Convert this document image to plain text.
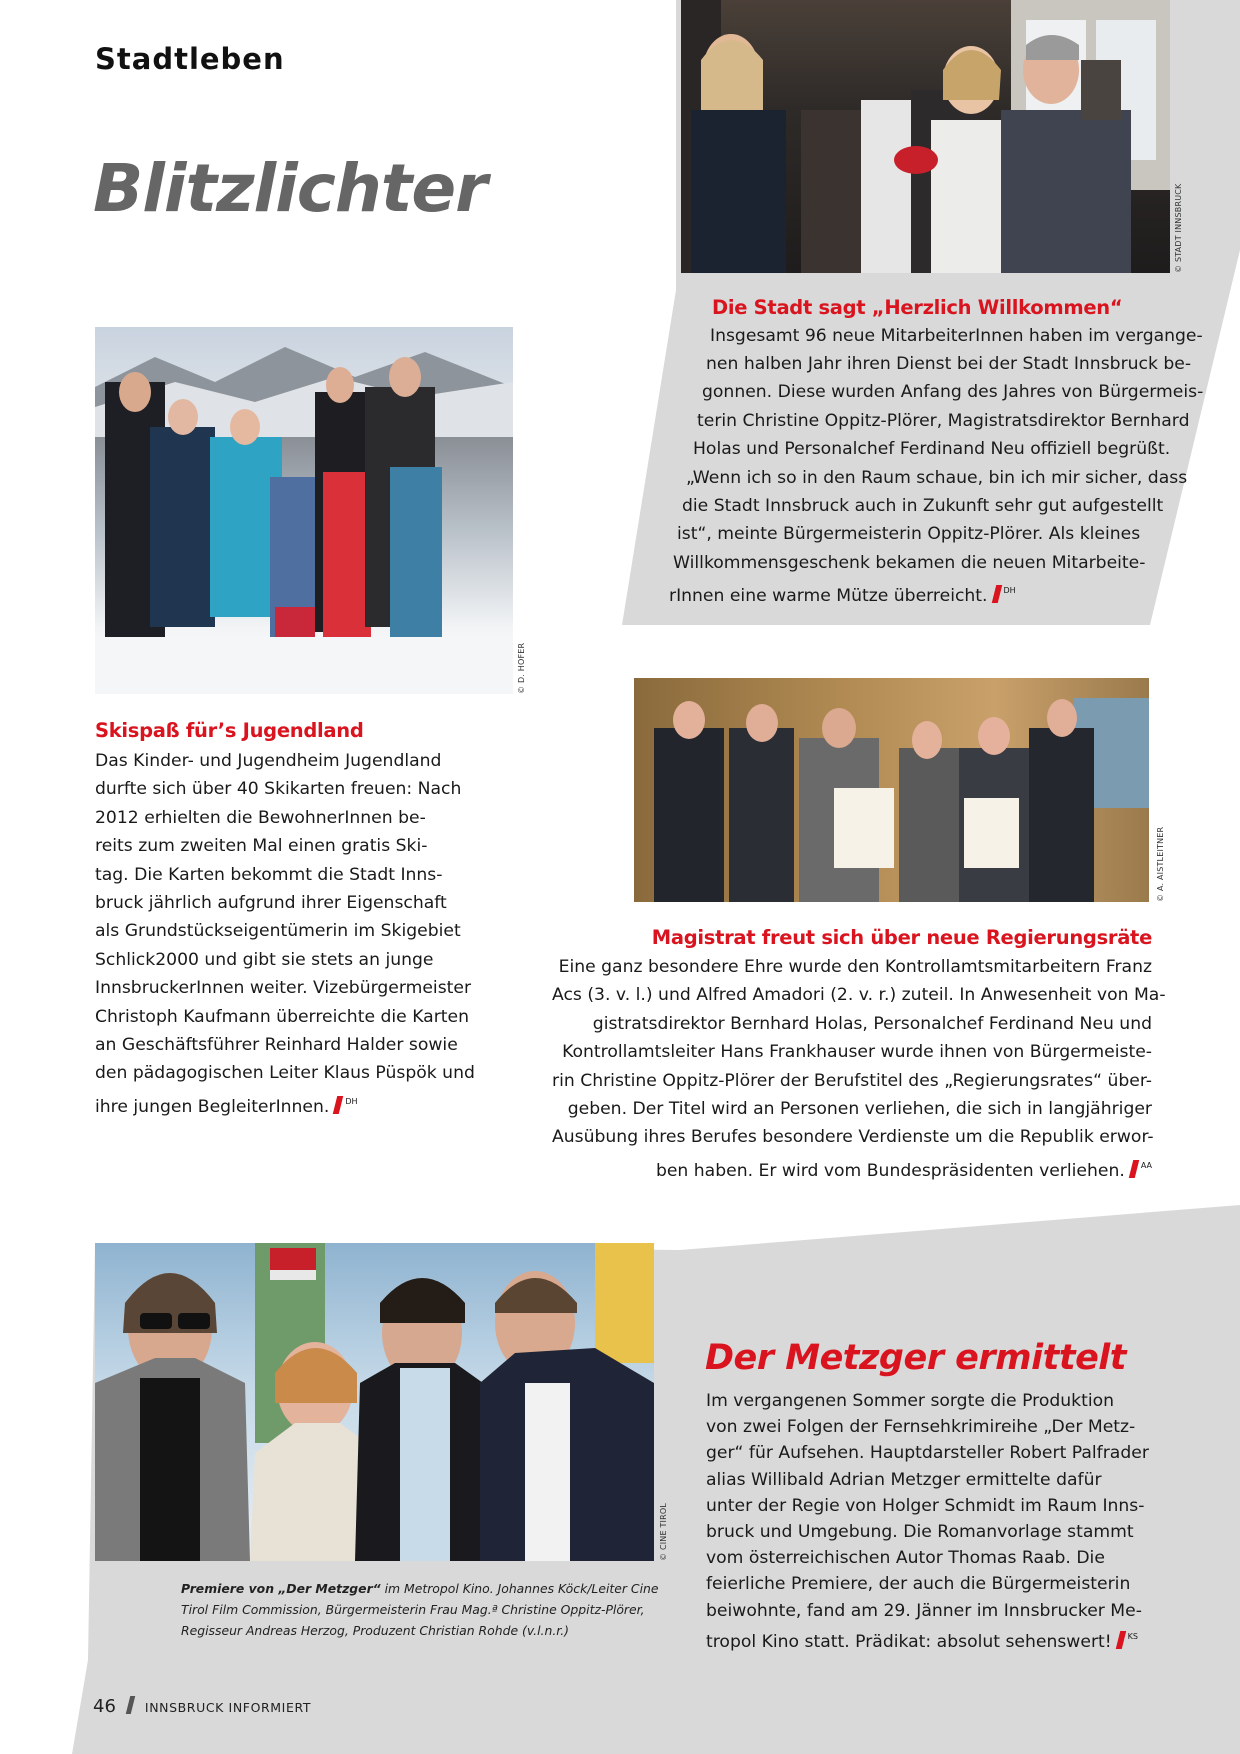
Stadtleben
Blitzlichter	© STADT INNSBRUCK
Die Stadt sagt „Herzlich Willkommen“
Insgesamt 96 neue MitarbeiterInnen haben im vergange-
nen halben Jahr ihren Dienst bei der Stadt Innsbruck be-
gonnen. Diese wurden Anfang des Jahres von Bürgermeis-
terin Christine Oppitz-Plörer, Magistratsdirektor Bernhard
Holas und Personalchef Ferdinand Neu offiziell begrüßt.
„Wenn ich so in den Raum schaue, bin ich mir sicher, dass
die Stadt Innsbruck auch in Zukunft sehr gut aufgestellt
ist“, meinte Bürgermeisterin Oppitz-Plörer. Als kleines
Willkommensgeschenk bekamen die neuen Mitarbeite-
rInnen eine warme Mütze überreicht. $^{DH}$
© D. HOFER
Skispaß für’s Jugendland
Das Kinder- und Jugendheim Jugendland
durfte sich über 40 Skikarten freuen: Nach
2012 erhielten die BewohnerInnen be-
reits zum zweiten Mal einen gratis Ski-
tag. Die Karten bekommt die Stadt Inns-
bruck jährlich aufgrund ihrer Eigenschaft
als Grundstückseigentümerin im Skigebiet
Schlick2000 und gibt sie stets an junge
InnsbruckerInnen weiter. Vizebürgermeister
Christoph Kaufmann überreichte die Karten
an Geschäftsführer Reinhard Halder sowie
den pädagogischen Leiter Klaus Püspök und
ihre jungen BegleiterInnen. $^{DH}$
© A. AISTLEITNER
Magistrat freut sich über neue Regierungsräte
Eine ganz besondere Ehre wurde den Kontrollamtsmitarbeitern Franz
Acs (3. v. l.) und Alfred Amadori (2. v. r.) zuteil. In Anwesenheit von Ma-
gistratsdirektor Bernhard Holas, Personalchef Ferdinand Neu und
Kontrollamtsleiter Hans Frankhauser wurde ihnen von Bürgermeiste-
rin Christine Oppitz-Plörer der Berufstitel des „Regierungsrates“ über-
geben. Der Titel wird an Personen verliehen, die sich in langjähriger
Ausübung ihres Berufes besondere Verdienste um die Republik erwor-
ben haben. Er wird vom Bundespräsidenten verliehen. $^{AA}$
© CINE TIROL
Premiere von „Der Metzger“ im Metropol Kino. Johannes Köck/Leiter Cine
Tirol Film Commission, Bürgermeisterin Frau Mag.ª Christine Oppitz-Plörer,
Regisseur Andreas Herzog, Produzent Christian Rohde (v.l.n.r.)
Der Metzger ermittelt
Im vergangenen Sommer sorgte die Produktion
von zwei Folgen der Fernsehkrimireihe „Der Metz-
ger“ für Aufsehen. Hauptdarsteller Robert Palfrader
alias Willibald Adrian Metzger ermittelte dafür
unter der Regie von Holger Schmidt im Raum Inns-
bruck und Umgebung. Die Romanvorlage stammt
vom österreichischen Autor Thomas Raab. Die
feierliche Premiere, der auch die Bürgermeisterin
beiwohnte, fand am 29. Jänner im Innsbrucker Me-
tropol Kino statt. Prädikat: absolut sehenswert! $^{KS}$
46 INNSBRUCK INFORMIERT
